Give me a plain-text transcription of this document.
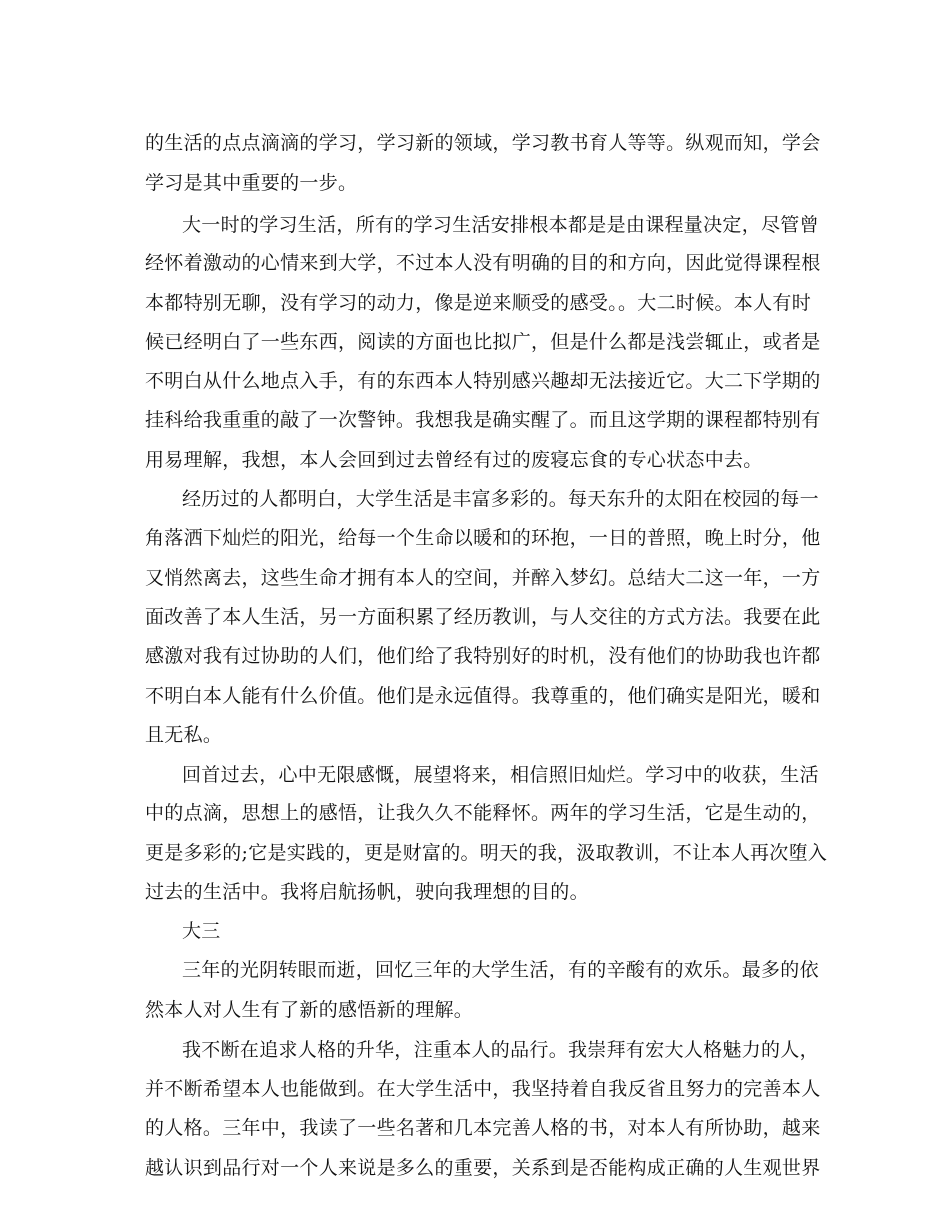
的生活的点点滴滴的学习，学习新的领域，学习教书育人等等。纵观而知，学会
学习是其中重要的一步。
大一时的学习生活，所有的学习生活安排根本都是是由课程量决定，尽管曾
经怀着激动的心情来到大学，不过本人没有明确的目的和方向，因此觉得课程根
本都特别无聊，没有学习的动力，像是逆来顺受的感受。。大二时候。本人有时
候已经明白了一些东西，阅读的方面也比拟广，但是什么都是浅尝辄止，或者是
不明白从什么地点入手，有的东西本人特别感兴趣却无法接近它。大二下学期的
挂科给我重重的敲了一次警钟。我想我是确实醒了。而且这学期的课程都特别有
用易理解，我想，本人会回到过去曾经有过的废寝忘食的专心状态中去。
经历过的人都明白，大学生活是丰富多彩的。每天东升的太阳在校园的每一
角落洒下灿烂的阳光，给每一个生命以暖和的环抱，一日的普照，晚上时分，他
又悄然离去，这些生命才拥有本人的空间，并醉入梦幻。总结大二这一年，一方
面改善了本人生活，另一方面积累了经历教训，与人交往的方式方法。我要在此
感激对我有过协助的人们，他们给了我特别好的时机，没有他们的协助我也许都
不明白本人能有什么价值。他们是永远值得。我尊重的，他们确实是阳光，暖和
且无私。
回首过去，心中无限感慨，展望将来，相信照旧灿烂。学习中的收获，生活
中的点滴，思想上的感悟，让我久久不能释怀。两年的学习生活，它是生动的，
更是多彩的;它是实践的，更是财富的。明天的我，汲取教训，不让本人再次堕入
过去的生活中。我将启航扬帆，驶向我理想的目的。
大三
三年的光阴转眼而逝，回忆三年的大学生活，有的辛酸有的欢乐。最多的依
然本人对人生有了新的感悟新的理解。
我不断在追求人格的升华，注重本人的品行。我崇拜有宏大人格魅力的人，
并不断希望本人也能做到。在大学生活中，我坚持着自我反省且努力的完善本人
的人格。三年中，我读了一些名著和几本完善人格的书，对本人有所协助，越来
越认识到品行对一个人来说是多么的重要，关系到是否能构成正确的人生观世界
